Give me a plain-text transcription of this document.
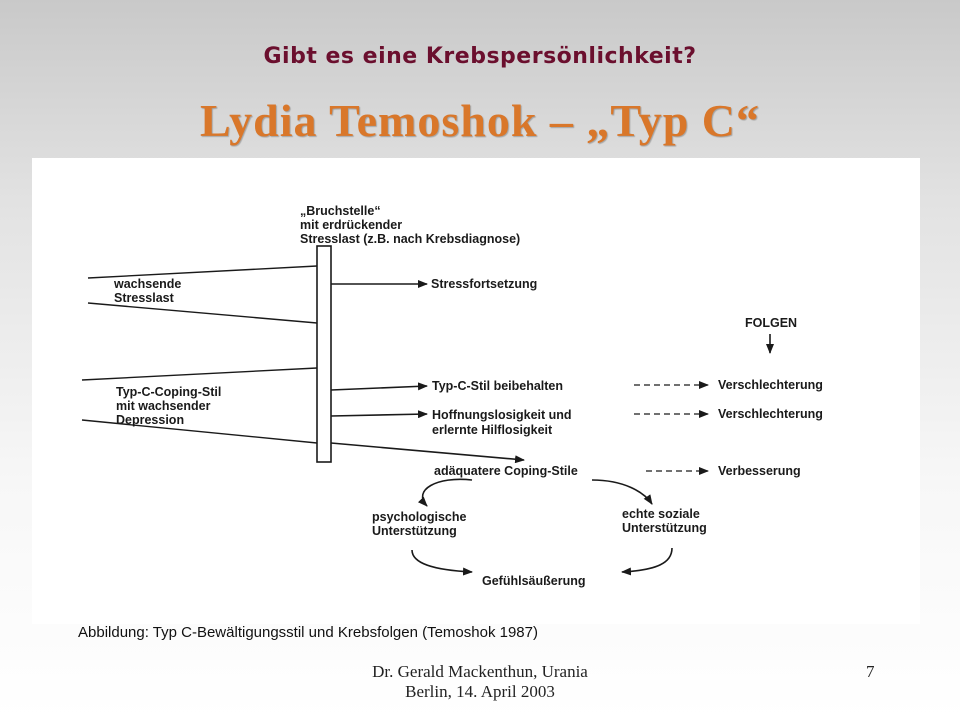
Gibt es eine Krebspersönlichkeit?
Lydia Temoshok – „Typ C“
„Bruchstelle“ mit erdrückender Stresslast (z.B. nach Krebsdiagnose)
wachsende Stresslast
Typ-C-Coping-Stil mit wachsender Depression
Stressfortsetzung
FOLGEN
Typ-C-Stil beibehalten
Hoffnungslosigkeit und erlernte Hilflosigkeit
adäquatere Coping-Stile
Verschlechterung
Verschlechterung
Verbesserung
psychologische Unterstützung
echte soziale Unterstützung
Gefühlsäußerung
Abbildung: Typ C-Bewältigungsstil und Krebsfolgen (Temoshok 1987)
Dr. Gerald Mackenthun, Urania
Berlin, 14. April 2003
7
